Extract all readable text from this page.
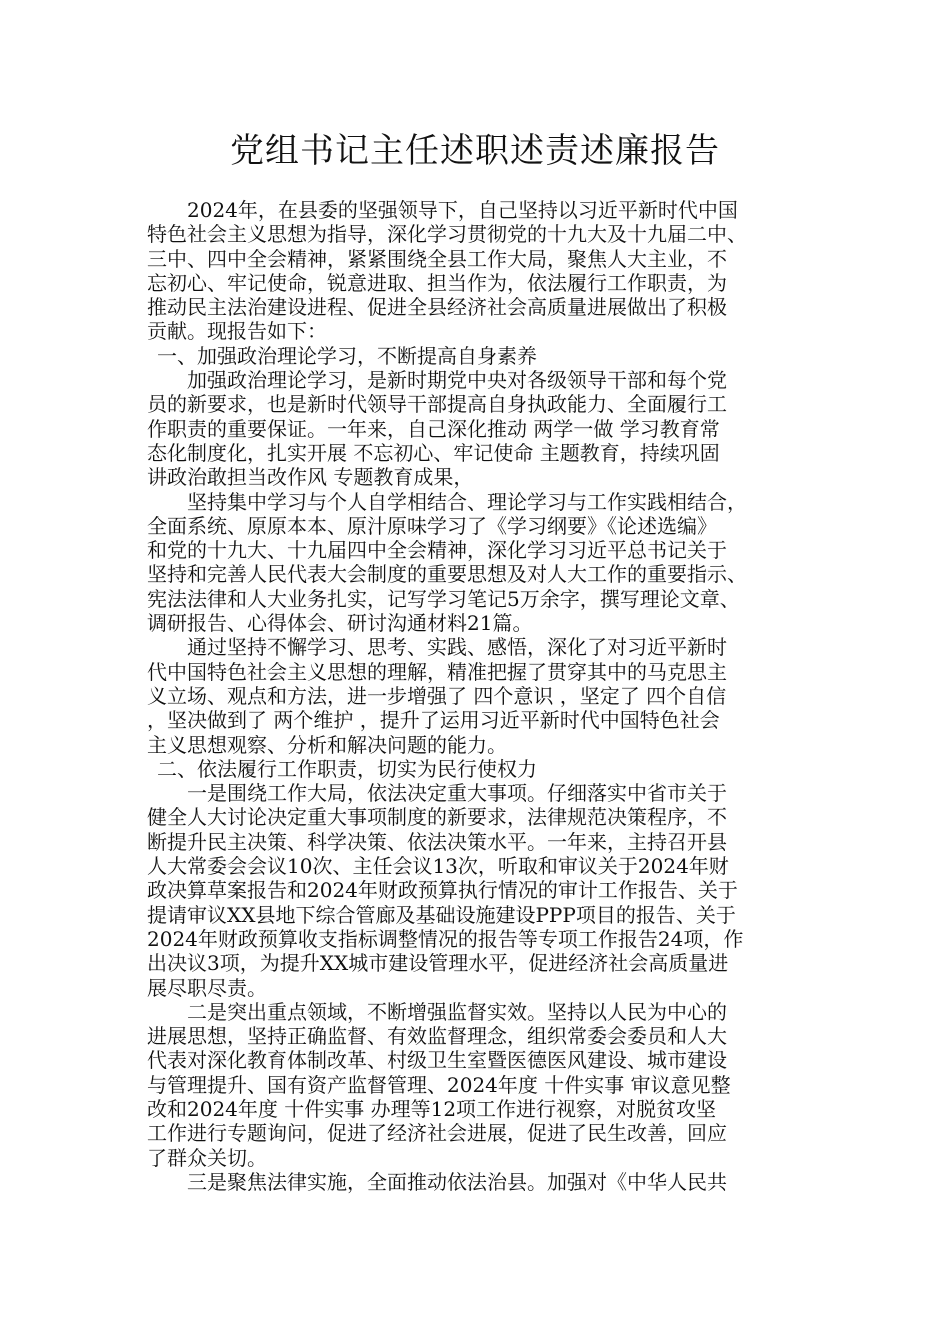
党组书记主任述职述责述廉报告
2024年，在县委的坚强领导下，自己坚持以习近平新时代中国
特色社会主义思想为指导，深化学习贯彻党的十九大及十九届二中、
三中、四中全会精神，紧紧围绕全县工作大局，聚焦人大主业，不
忘初心、牢记使命，锐意进取、担当作为，依法履行工作职责，为
推动民主法治建设进程、促进全县经济社会高质量进展做出了积极
贡献。现报告如下：
一、加强政治理论学习，不断提高自身素养
加强政治理论学习，是新时期党中央对各级领导干部和每个党
员的新要求，也是新时代领导干部提高自身执政能力、全面履行工
作职责的重要保证。一年来，自己深化推动 两学一做 学习教育常
态化制度化，扎实开展 不忘初心、牢记使命 主题教育，持续巩固
讲政治敢担当改作风 专题教育成果，
坚持集中学习与个人自学相结合、理论学习与工作实践相结合，
全面系统、原原本本、原汁原味学习了《学习纲要》《论述选编》
和党的十九大、十九届四中全会精神，深化学习习近平总书记关于
坚持和完善人民代表大会制度的重要思想及对人大工作的重要指示、
宪法法律和人大业务扎实，记写学习笔记5万余字，撰写理论文章、
调研报告、心得体会、研讨沟通材料21篇。
通过坚持不懈学习、思考、实践、感悟，深化了对习近平新时
代中国特色社会主义思想的理解，精准把握了贯穿其中的马克思主
义立场、观点和方法，进一步增强了 四个意识 ，坚定了 四个自信
，坚决做到了 两个维护 ，提升了运用习近平新时代中国特色社会
主义思想观察、分析和解决问题的能力。
二、依法履行工作职责，切实为民行使权力
一是围绕工作大局，依法决定重大事项。仔细落实中省市关于
健全人大讨论决定重大事项制度的新要求，法律规范决策程序，不
断提升民主决策、科学决策、依法决策水平。一年来，主持召开县
人大常委会会议10次、主任会议13次，听取和审议关于2024年财
政决算草案报告和2024年财政预算执行情况的审计工作报告、关于
提请审议XX县地下综合管廊及基础设施建设PPP项目的报告、关于
2024年财政预算收支指标调整情况的报告等专项工作报告24项，作
出决议3项，为提升XX城市建设管理水平，促进经济社会高质量进
展尽职尽责。
二是突出重点领域，不断增强监督实效。坚持以人民为中心的
进展思想，坚持正确监督、有效监督理念，组织常委会委员和人大
代表对深化教育体制改革、村级卫生室暨医德医风建设、城市建设
与管理提升、国有资产监督管理、2024年度 十件实事 审议意见整
改和2024年度 十件实事 办理等12项工作进行视察，对脱贫攻坚
工作进行专题询问，促进了经济社会进展，促进了民生改善，回应
了群众关切。
三是聚焦法律实施，全面推动依法治县。加强对《中华人民共
